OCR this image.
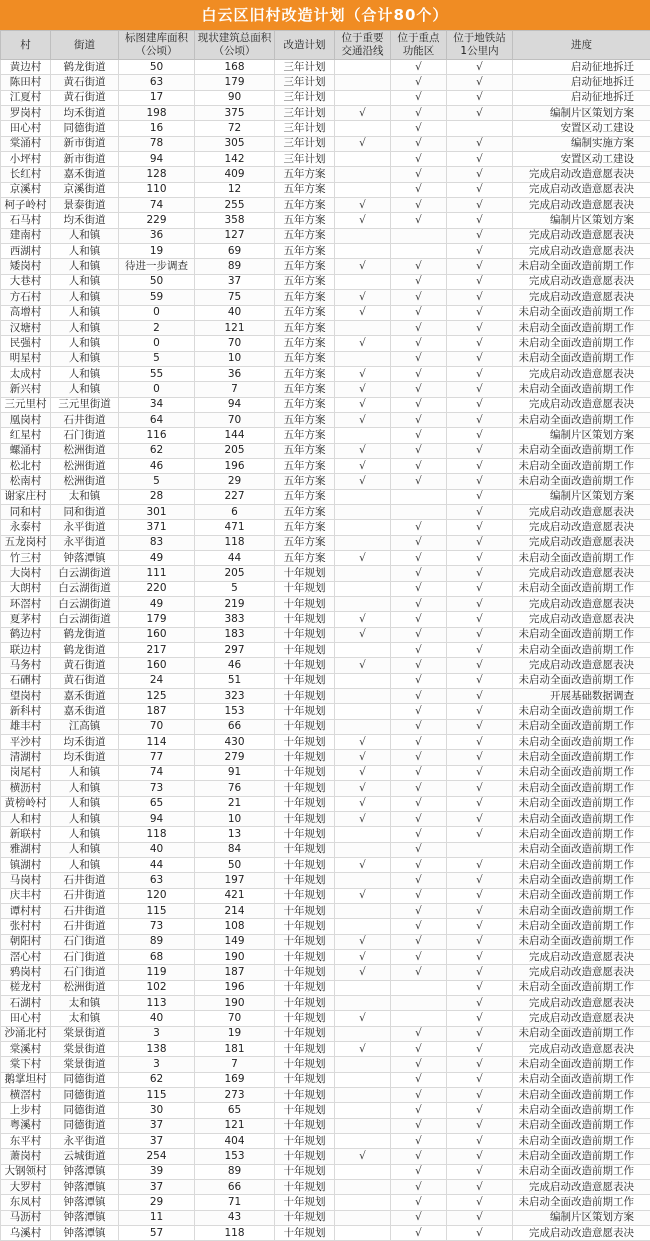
白云区旧村改造计划（合计80个）
村	街道	标图建库面积
（公顷）	现状建筑总面积
（公顷）	改造计划	位于重要
交通沿线	位于重点
功能区	位于地铁站
1公里内	进度
黄边村	鹤龙街道	50	168	三年计划		√	√	启动征地拆迁
陈田村	黄石街道	63	179	三年计划		√	√	启动征地拆迁
江夏村	黄石街道	17	90	三年计划		√	√	启动征地拆迁
罗岗村	均禾街道	198	375	三年计划	√	√	√	编制片区策划方案
田心村	同德街道	16	72	三年计划		√		安置区动工建设
棠涌村	新市街道	78	305	三年计划	√	√	√	编制实施方案
小坪村	新市街道	94	142	三年计划		√	√	安置区动工建设
长红村	嘉禾街道	128	409	五年方案		√	√	完成启动改造意愿表决
京溪村	京溪街道	110	12	五年方案		√	√	完成启动改造意愿表决
柯子岭村	景泰街道	74	255	五年方案	√	√	√	完成启动改造意愿表决
石马村	均禾街道	229	358	五年方案	√	√	√	编制片区策划方案
建南村	人和镇	36	127	五年方案			√	完成启动改造意愿表决
西湖村	人和镇	19	69	五年方案			√	完成启动改造意愿表决
矮岗村	人和镇	待进一步调查	89	五年方案	√	√	√	未启动全面改造前期工作
大巷村	人和镇	50	37	五年方案		√	√	完成启动改造意愿表决
方石村	人和镇	59	75	五年方案	√	√	√	完成启动改造意愿表决
高增村	人和镇	0	40	五年方案	√	√	√	未启动全面改造前期工作
汉塘村	人和镇	2	121	五年方案		√	√	未启动全面改造前期工作
民强村	人和镇	0	70	五年方案	√	√	√	未启动全面改造前期工作
明星村	人和镇	5	10	五年方案		√	√	未启动全面改造前期工作
太成村	人和镇	55	36	五年方案	√	√	√	完成启动改造意愿表决
新兴村	人和镇	0	7	五年方案	√	√	√	未启动全面改造前期工作
三元里村	三元里街道	34	94	五年方案	√	√	√	完成启动改造意愿表决
凰岗村	石井街道	64	70	五年方案	√	√	√	未启动全面改造前期工作
红星村	石门街道	116	144	五年方案		√	√	编制片区策划方案
螺涌村	松洲街道	62	205	五年方案	√	√	√	未启动全面改造前期工作
松北村	松洲街道	46	196	五年方案	√	√	√	未启动全面改造前期工作
松南村	松洲街道	5	29	五年方案	√	√	√	未启动全面改造前期工作
谢家庄村	太和镇	28	227	五年方案			√	编制片区策划方案
同和村	同和街道	301	6	五年方案			√	完成启动改造意愿表决
永泰村	永平街道	371	471	五年方案		√	√	完成启动改造意愿表决
五龙岗村	永平街道	83	118	五年方案		√	√	完成启动改造意愿表决
竹三村	钟落潭镇	49	44	五年方案	√	√	√	未启动全面改造前期工作
大岗村	白云湖街道	111	205	十年规划		√	√	完成启动改造意愿表决
大朗村	白云湖街道	220	5	十年规划		√	√	未启动全面改造前期工作
环滘村	白云湖街道	49	219	十年规划		√	√	完成启动改造意愿表决
夏茅村	白云湖街道	179	383	十年规划	√	√	√	完成启动改造意愿表决
鹤边村	鹤龙街道	160	183	十年规划	√	√	√	未启动全面改造前期工作
联边村	鹤龙街道	217	297	十年规划		√	√	未启动全面改造前期工作
马务村	黄石街道	160	46	十年规划	√	√	√	完成启动改造意愿表决
石硎村	黄石街道	24	51	十年规划		√	√	未启动全面改造前期工作
望岗村	嘉禾街道	125	323	十年规划		√	√	开展基础数据调查
新科村	嘉禾街道	187	153	十年规划		√	√	未启动全面改造前期工作
雄丰村	江高镇	70	66	十年规划		√	√	未启动全面改造前期工作
平沙村	均禾街道	114	430	十年规划	√	√	√	未启动全面改造前期工作
清湖村	均禾街道	77	279	十年规划	√	√	√	未启动全面改造前期工作
岗尾村	人和镇	74	91	十年规划	√	√	√	未启动全面改造前期工作
横沥村	人和镇	73	76	十年规划	√	√	√	未启动全面改造前期工作
黄榜岭村	人和镇	65	21	十年规划	√	√	√	未启动全面改造前期工作
人和村	人和镇	94	10	十年规划	√	√	√	未启动全面改造前期工作
新联村	人和镇	118	13	十年规划		√	√	未启动全面改造前期工作
雅湖村	人和镇	40	84	十年规划		√		未启动全面改造前期工作
镇湖村	人和镇	44	50	十年规划	√	√	√	未启动全面改造前期工作
马岗村	石井街道	63	197	十年规划		√	√	未启动全面改造前期工作
庆丰村	石井街道	120	421	十年规划	√	√	√	未启动全面改造前期工作
谭村村	石井街道	115	214	十年规划		√	√	未启动全面改造前期工作
张村村	石井街道	73	108	十年规划		√	√	未启动全面改造前期工作
朝阳村	石门街道	89	149	十年规划	√	√	√	未启动全面改造前期工作
滘心村	石门街道	68	190	十年规划	√	√	√	完成启动改造意愿表决
鸦岗村	石门街道	119	187	十年规划	√	√	√	完成启动改造意愿表决
槎龙村	松洲街道	102	196	十年规划			√	未启动全面改造前期工作
石湖村	太和镇	113	190	十年规划			√	完成启动改造意愿表决
田心村	太和镇	40	70	十年规划	√		√	完成启动改造意愿表决
沙涌北村	棠景街道	3	19	十年规划		√	√	未启动全面改造前期工作
棠溪村	棠景街道	138	181	十年规划	√	√	√	完成启动改造意愿表决
棠下村	棠景街道	3	7	十年规划		√	√	未启动全面改造前期工作
鹅掌坦村	同德街道	62	169	十年规划		√	√	未启动全面改造前期工作
横滘村	同德街道	115	273	十年规划		√	√	未启动全面改造前期工作
上步村	同德街道	30	65	十年规划		√	√	未启动全面改造前期工作
粤溪村	同德街道	37	121	十年规划		√	√	未启动全面改造前期工作
东平村	永平街道	37	404	十年规划		√	√	未启动全面改造前期工作
萧岗村	云城街道	254	153	十年规划	√	√	√	未启动全面改造前期工作
大钢领村	钟落潭镇	39	89	十年规划		√	√	未启动全面改造前期工作
大罗村	钟落潭镇	37	66	十年规划		√	√	完成启动改造意愿表决
东凤村	钟落潭镇	29	71	十年规划		√	√	未启动全面改造前期工作
马沥村	钟落潭镇	11	43	十年规划		√	√	编制片区策划方案
乌溪村	钟落潭镇	57	118	十年规划		√	√	完成启动改造意愿表决
